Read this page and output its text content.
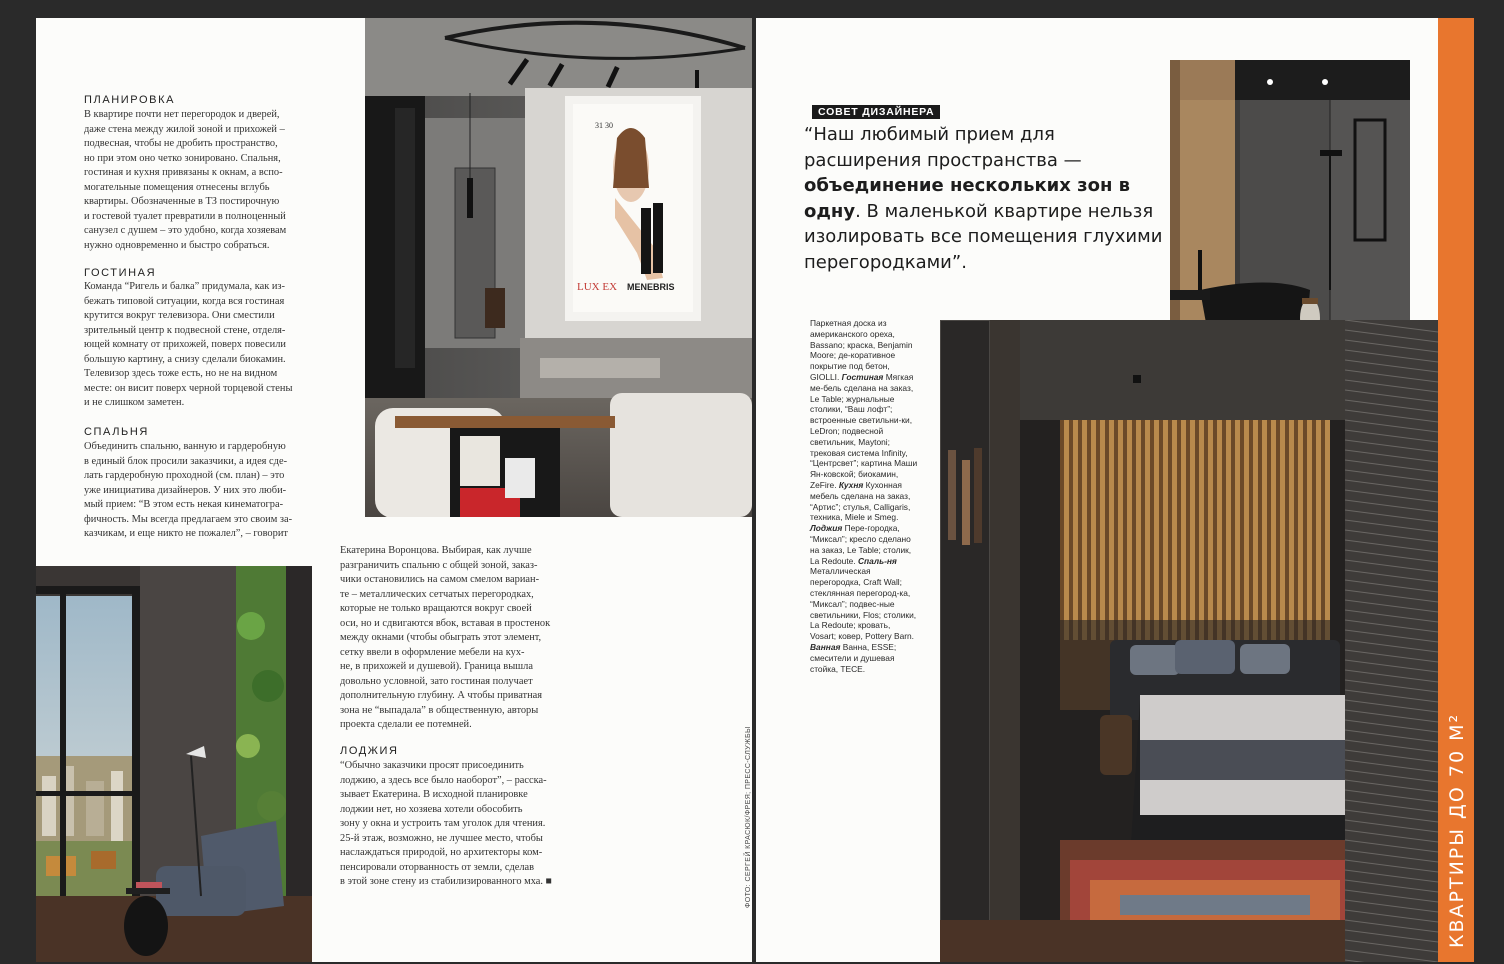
ПЛАНИРОВКА

В квартире почти нет перегородок и дверей,

даже стена между жилой зоной и прихожей –

подвесная, чтобы не дробить пространство,

но при этом оно четко зонировано. Спальня,

гостиная и кухня привязаны к окнам, а вспо-

могательные помещения отнесены вглубь

квартиры. Обозначенные в ТЗ постирочную

и гостевой туалет превратили в полноценный

санузел с душем – это удобно, когда хозяевам

нужно одновременно и быстро собраться.

ГОСТИНАЯ

Команда “Ригель и балка” придумала, как из-

бежать типовой ситуации, когда вся гостиная

крутится вокруг телевизора. Они сместили

зрительный центр к подвесной стене, отделя-

ющей комнату от прихожей, поверх повесили

большую картину, а снизу сделали биокамин.

Телевизор здесь тоже есть, но не на видном

месте: он висит поверх черной торцевой стены

и не слишком заметен.

СПАЛЬНЯ

Объединить спальню, ванную и гардеробную

в единый блок просили заказчики, а идея сде-

лать гардеробную проходной (см. план) – это

уже инициатива дизайнеров. У них это люби-

мый прием: “В этом есть некая кинематогра-

фичность. Мы всегда предлагаем это своим за-

казчикам, и еще никто не пожалел”, – говорит

31 30
LUX EX MENEBRIS

Екатерина Воронцова. Выбирая, как лучше

разграничить спальню с общей зоной, заказ-

чики остановились на самом смелом вариан-

те – металлических сетчатых перегородках,

которые не только вращаются вокруг своей

оси, но и сдвигаются вбок, вставая в простенок

между окнами (чтобы обыграть этот элемент,

сетку ввели в оформление мебели на кух-

не, в прихожей и душевой). Граница вышла

довольно условной, зато гостиная получает

дополнительную глубину. А чтобы приватная

зона не “выпадала” в общественную, авторы

проекта сделали ее потемней.

ЛОДЖИЯ

“Обычно заказчики просят присоединить

лоджию, а здесь все было наоборот”, – расска-

зывает Екатерина. В исходной планировке

лоджии нет, но хозяева хотели обособить

зону у окна и устроить там уголок для чтения.

25-й этаж, возможно, не лучшее место, чтобы

наслаждаться природой, но архитекторы ком-

пенсировали оторванность от земли, сделав

в этой зоне стену из стабилизированного мха. ■	ФОТО: СЕРГЕЙ КРАСЮК/ФРЕЯ; ПРЕСС-СЛУЖБЫ
СОВЕТ ДИЗАЙНЕРА
“Наш любимый прием для расширения пространства — объединение нескольких зон в одну. В маленькой квартире нельзя изолировать все помещения глухими перегородками”.
Паркетная доска из американского ореха, Bassano; краска, Benjamin Moore; де-коративное покрытие под бетон, GIOLLI. Гостиная Мягкая ме-бель сделана на заказ, Le Table; журнальные столики, “Ваш лофт”; встроенные светильни-ки, LeDron; подвесной светильник, Maytoni; трековая система Infinity, “Центрсвет”; картина Маши Ян-ковской; биокамин, ZeFire. Кухня Кухонная мебель сделана на заказ, “Артис”; стулья, Calligaris, техника, Miele и Smeg. Лоджия Пере-городка, “Миксал”; кресло сделано на заказ, Le Table; столик, La Redoute. Спаль-ня Металлическая перегородка, Craft Wall; стеклянная перегород-ка, “Миксал”; подвес-ные светильники, Flos; столики, La Redoute; кровать, Vosart; ковер, Pottery Barn. Ванная Ванна, ESSE; смесители и душевая стойка, TECE.
КВАРТИРЫ ДО 70 М²
